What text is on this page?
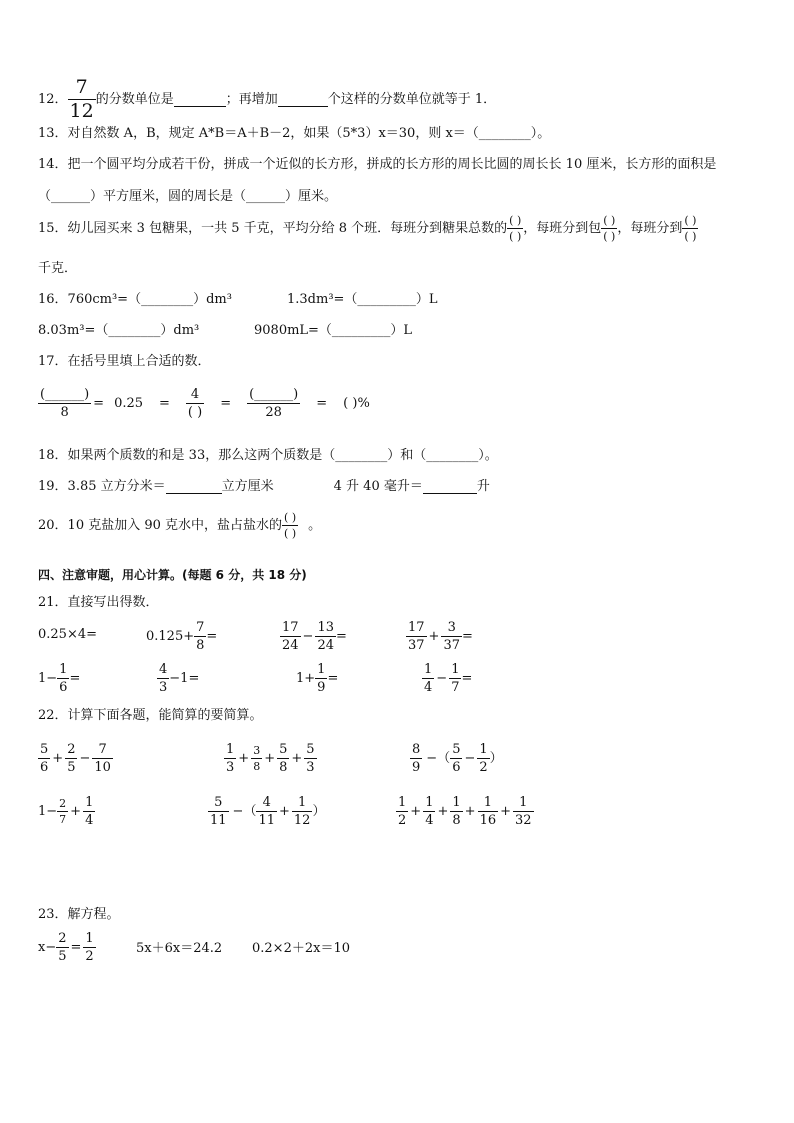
12． $\frac{7}{12}$ 的分数单位是	；再增加	个这样的分数单位就等于 1．
13．对自然数 A，B，规定 A*B＝A＋B－2，如果（5*3）x＝30，则 x＝（________）。
14．把一个圆平均分成若干份，拼成一个近似的长方形，拼成的长方形的周长比圆的周长长 10 厘米，长方形的面积是
（______）平方厘米，圆的周长是（______）厘米。
15．幼儿园买来 3 包糖果，一共 5 千克，平均分给 8 个班．每班分到糖果总数的
( )
( )
，每班分到包
( )
( )
，每班分到
( )
( )
千克．
16．760cm³=（________）dm³	1.3dm³=（_________）L
8.03m³=（________）dm³	9080mL=（_________）L
17．在括号里填上合适的数．
(______)
8
= 0.25 =
4
( )
=
(______)
28
= ( )%
18．如果两个质数的和是 33，那么这两个质数是（________）和（________）。
19．3.85 立方分米＝	立方厘米	4 升 40 毫升＝	升
20．10 克盐加入 90 克水中，盐占盐水的
( )
( )
。
四、注意审题，用心计算。(每题 6 分，共 18 分)
21．直接写出得数．
0.25×4=	$0.125+ \frac{7}{8}$ =	$\frac{17}{24} - \frac{13}{24}$ =	$\frac{17}{37} + \frac{3}{37}$ =
$1- \frac{1}{6}$ =	$\frac{4}{3} -1=$	$1+ \frac{1}{9}$ =	$\frac{1}{4} - \frac{1}{7}$ =
22．计算下面各题，能简算的要简算。
$\frac{5}{6} + \frac{2}{5} - \frac{7}{10}$	$\frac{1}{3} + \frac{3}{8} + \frac{5}{8} + \frac{5}{3}$	$\frac{8}{9}$ −（ $\frac{5}{6} - \frac{1}{2}$ ）
$1- \frac{2}{7} + \frac{1}{4}$	$\frac{5}{11}$ −（ $\frac{4}{11} + \frac{1}{12}$ ）	$\frac{1}{2} + \frac{1}{4} + \frac{1}{8} + \frac{1}{16} + \frac{1}{32}$
23．解方程。
$x- \frac{2}{5} = \frac{1}{2}$	5x＋6x＝24.2 0.2×2＋2x＝10
